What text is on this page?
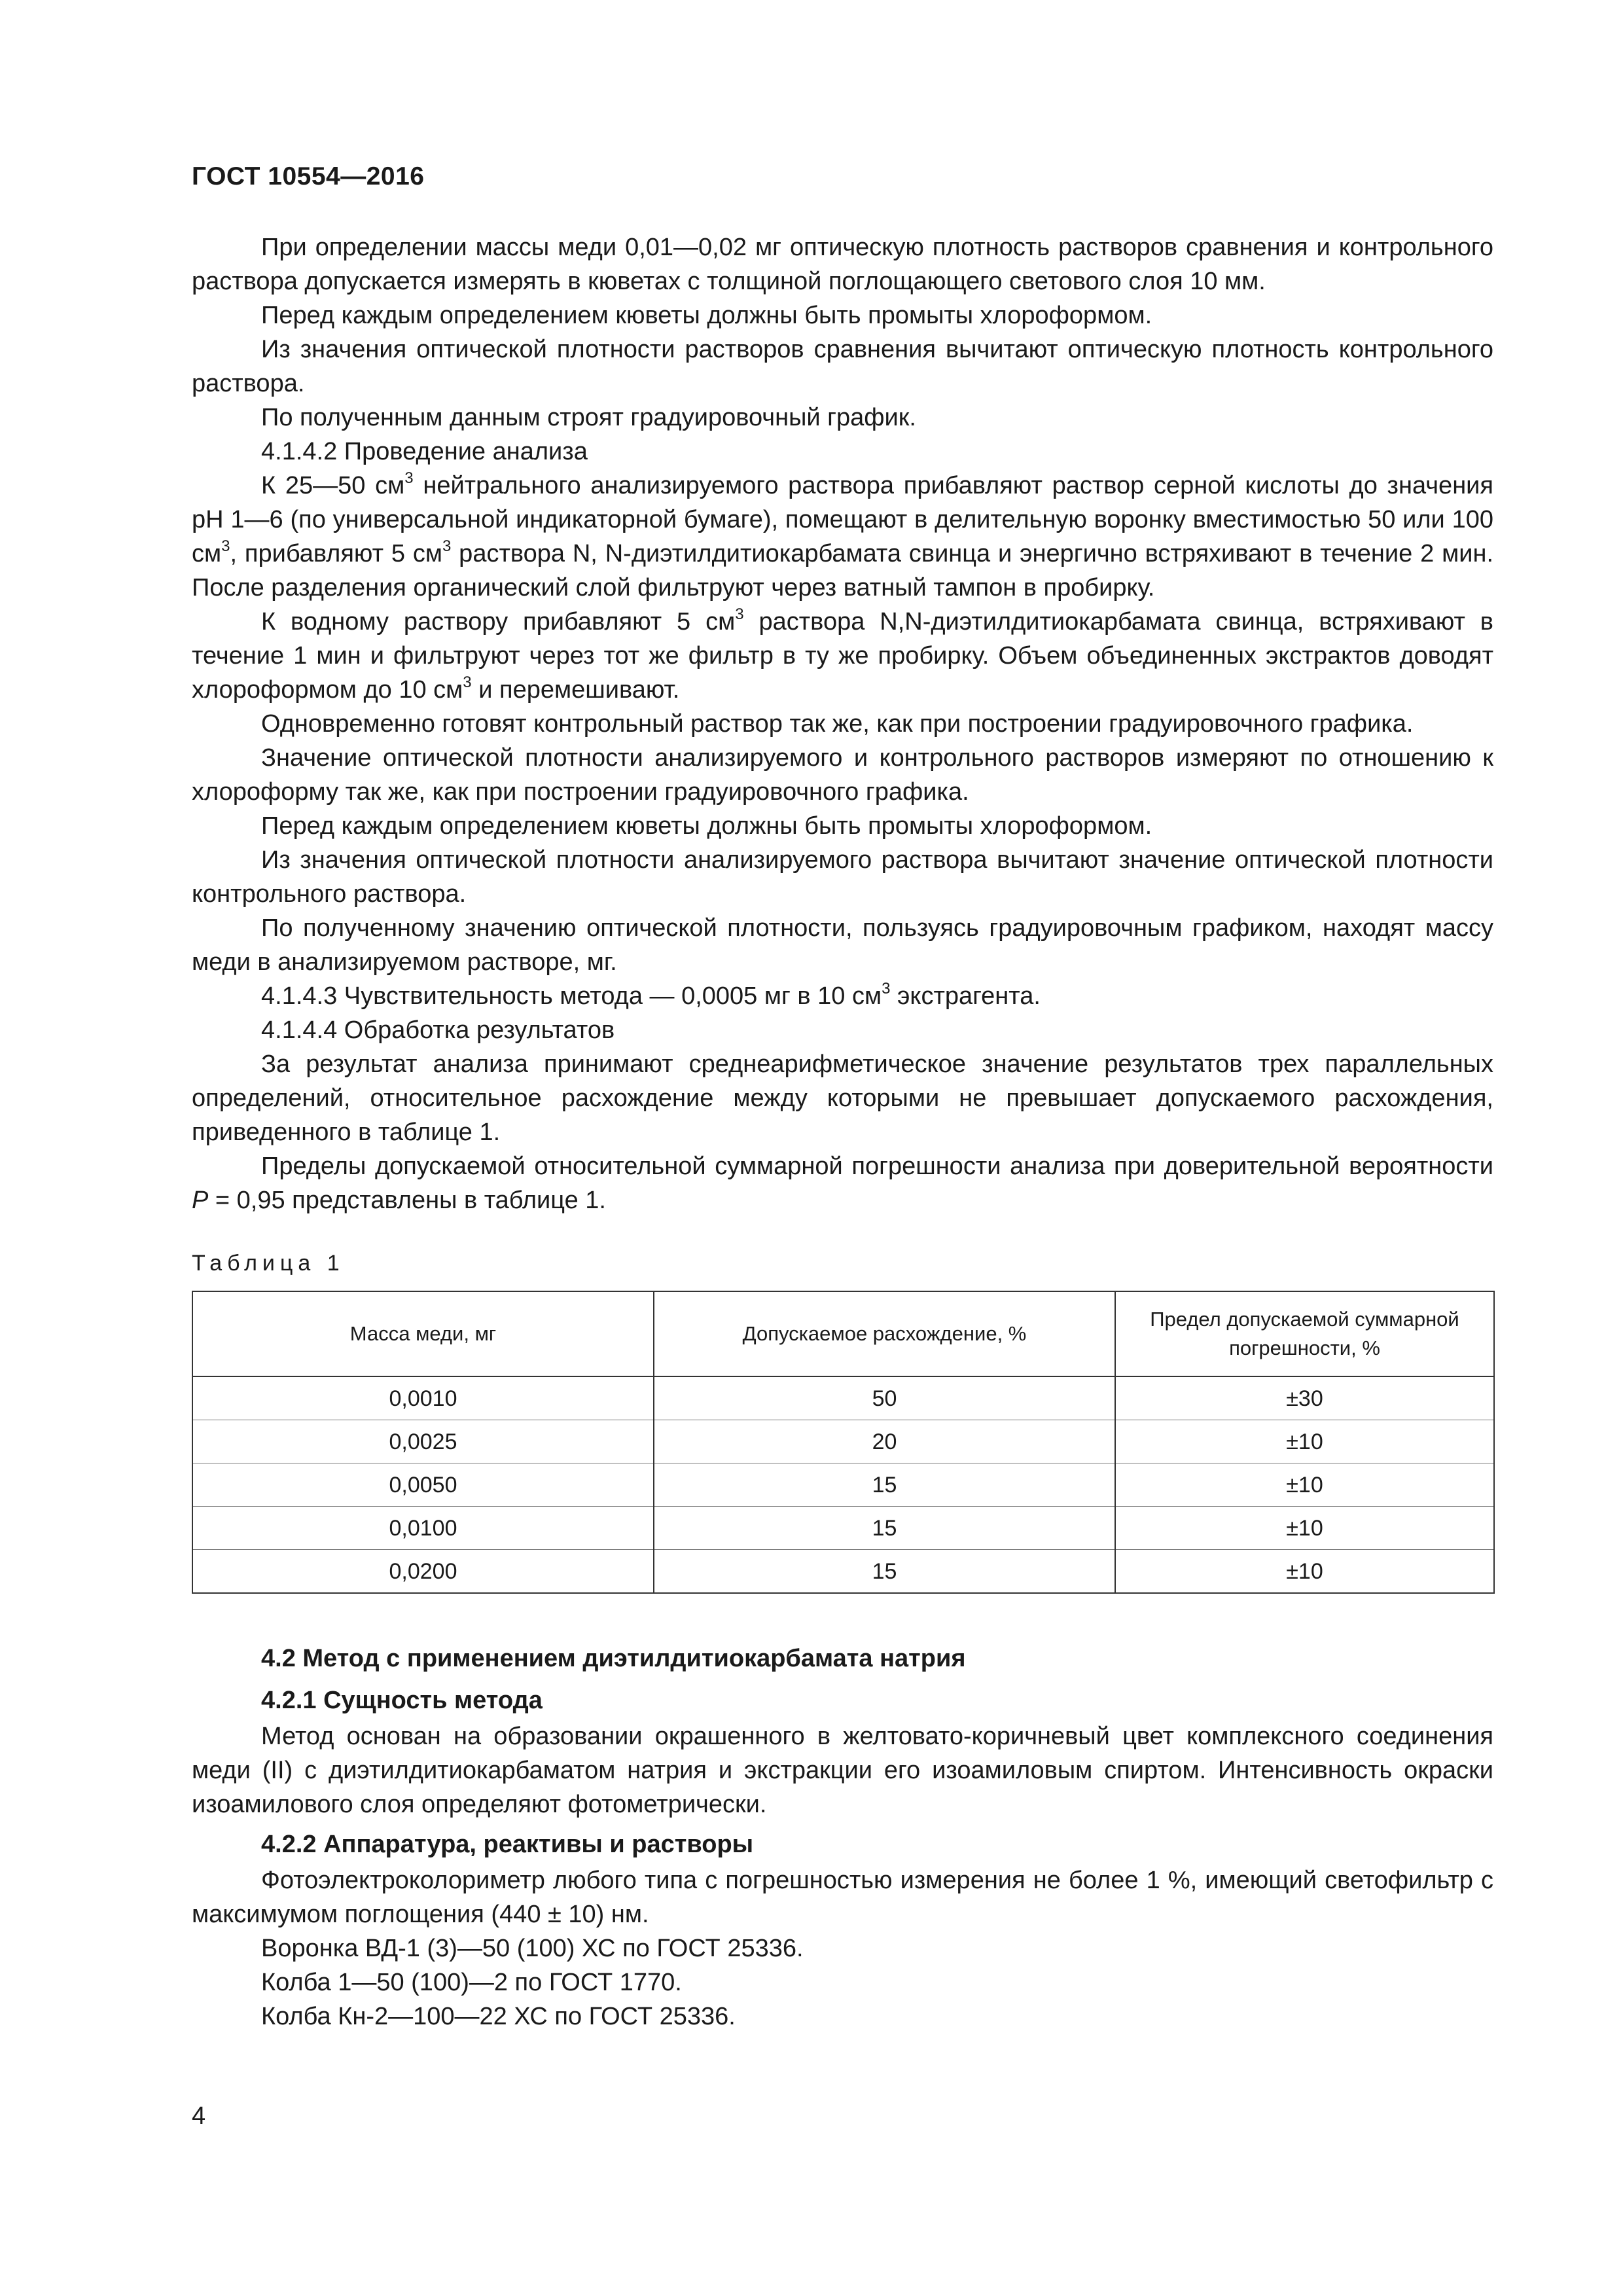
ГОСТ 10554—2016

При определении массы меди 0,01—0,02 мг оптическую плотность растворов сравнения и контрольного раствора допускается измерять в кюветах с толщиной поглощающего светового слоя 10 мм.

Перед каждым определением кюветы должны быть промыты хлороформом.

Из значения оптической плотности растворов сравнения вычитают оптическую плотность контрольного раствора.

По полученным данным строят градуировочный график.

4.1.4.2 Проведение анализа

К 25—50 $см^3$ нейтрального анализируемого раствора прибавляют раствор серной кислоты до значения рН 1—6 (по универсальной индикаторной бумаге), помещают в делительную воронку вместимостью 50 или 100 $см^3$, прибавляют 5 $см^3$ раствора N, N-диэтилдитиокарбамата свинца и энергично встряхивают в течение 2 мин. После разделения органический слой фильтруют через ватный тампон в пробирку.

К водному раствору прибавляют 5 $см^3$ раствора N,N-диэтилдитиокарбамата свинца, встряхивают в течение 1 мин и фильтруют через тот же фильтр в ту же пробирку. Объем объединенных экстрактов доводят хлороформом до 10 $см^3$ и перемешивают.

Одновременно готовят контрольный раствор так же, как при построении градуировочного графика.

Значение оптической плотности анализируемого и контрольного растворов измеряют по отношению к хлороформу так же, как при построении градуировочного графика.

Перед каждым определением кюветы должны быть промыты хлороформом.

Из значения оптической плотности анализируемого раствора вычитают значение оптической плотности контрольного раствора.

По полученному значению оптической плотности, пользуясь градуировочным графиком, находят массу меди в анализируемом растворе, мг.

4.1.4.3 Чувствительность метода — 0,0005 мг в 10 $см^3$ экстрагента.

4.1.4.4 Обработка результатов

За результат анализа принимают среднеарифметическое значение результатов трех параллельных определений, относительное расхождение между которыми не превышает допускаемого расхождения, приведенного в таблице 1.

Пределы допускаемой относительной суммарной погрешности анализа при доверительной вероятности Р = 0,95 представлены в таблице 1.

Таблица 1
Масса меди, мг	Допускаемое расхождение, %	Предел допускаемой суммарной погрешности, %
0,0010	50	±30
0,0025	20	±10
0,0050	15	±10
0,0100	15	±10
0,0200	15	±10
4.2 Метод с применением диэтилдитиокарбамата натрия
4.2.1 Сущность метода

Метод основан на образовании окрашенного в желтовато-коричневый цвет комплексного соединения меди (II) с диэтилдитиокарбаматом натрия и экстракции его изоамиловым спиртом. Интенсивность окраски изоамилового слоя определяют фотометрически.

4.2.2 Аппаратура, реактивы и растворы

Фотоэлектроколориметр любого типа с погрешностью измерения не более 1 %, имеющий светофильтр с максимумом поглощения (440 ± 10) нм.

Воронка ВД-1 (3)—50 (100) ХС по ГОСТ 25336.

Колба 1—50 (100)—2 по ГОСТ 1770.

Колба Кн-2—100—22 ХС по ГОСТ 25336.

4
